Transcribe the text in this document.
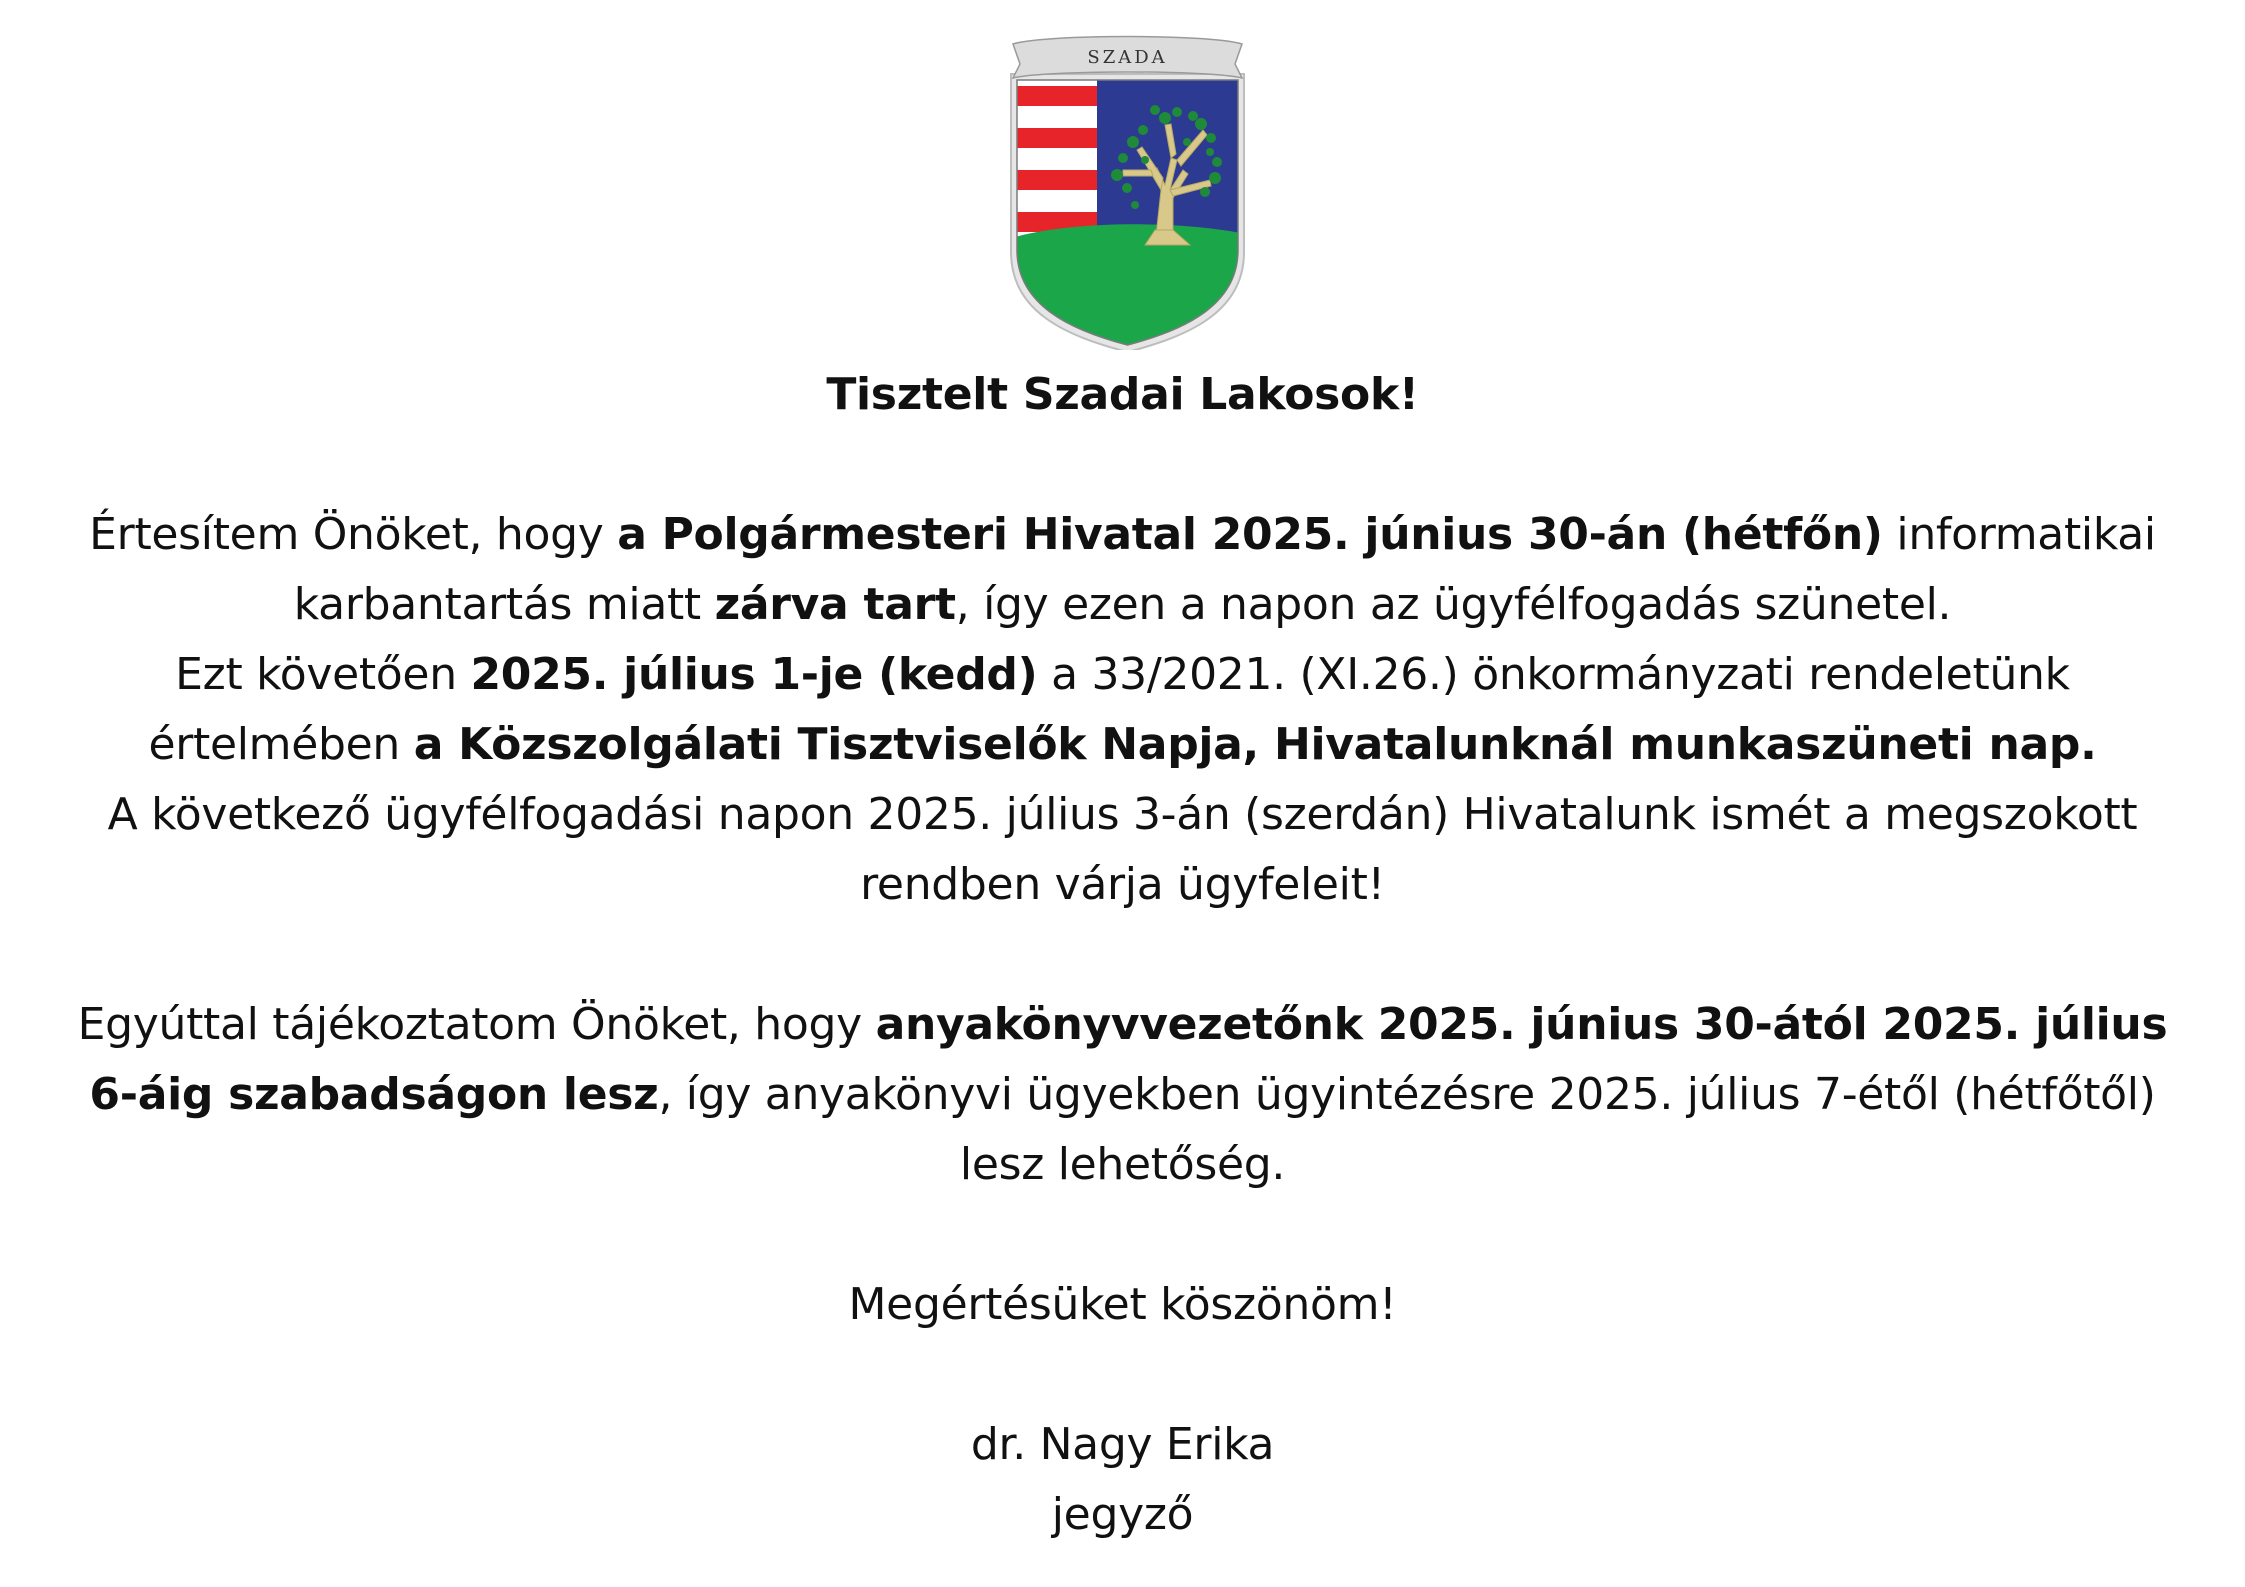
SZADA

Tisztelt Szadai Lakosok!

Értesítem Önöket, hogy a Polgármesteri Hivatal 2025. június 30-án (hétfőn) informatikai karbantartás miatt zárva tart, így ezen a napon az ügyfélfogadás szünetel.

Ezt követően 2025. július 1-je (kedd) a 33/2021. (XI.26.) önkormányzati rendeletünk értelmében a Közszolgálati Tisztviselők Napja, Hivatalunknál munkaszüneti nap.

A következő ügyfélfogadási napon 2025. július 3-án (szerdán) Hivatalunk ismét a megszokott rendben várja ügyfeleit!

Egyúttal tájékoztatom Önöket, hogy anyakönyvvezetőnk 2025. június 30-ától 2025. július 6-áig szabadságon lesz, így anyakönyvi ügyekben ügyintézésre 2025. július 7-étől (hétfőtől) lesz lehetőség.

Megértésüket köszönöm!

dr. Nagy Erika

jegyző
